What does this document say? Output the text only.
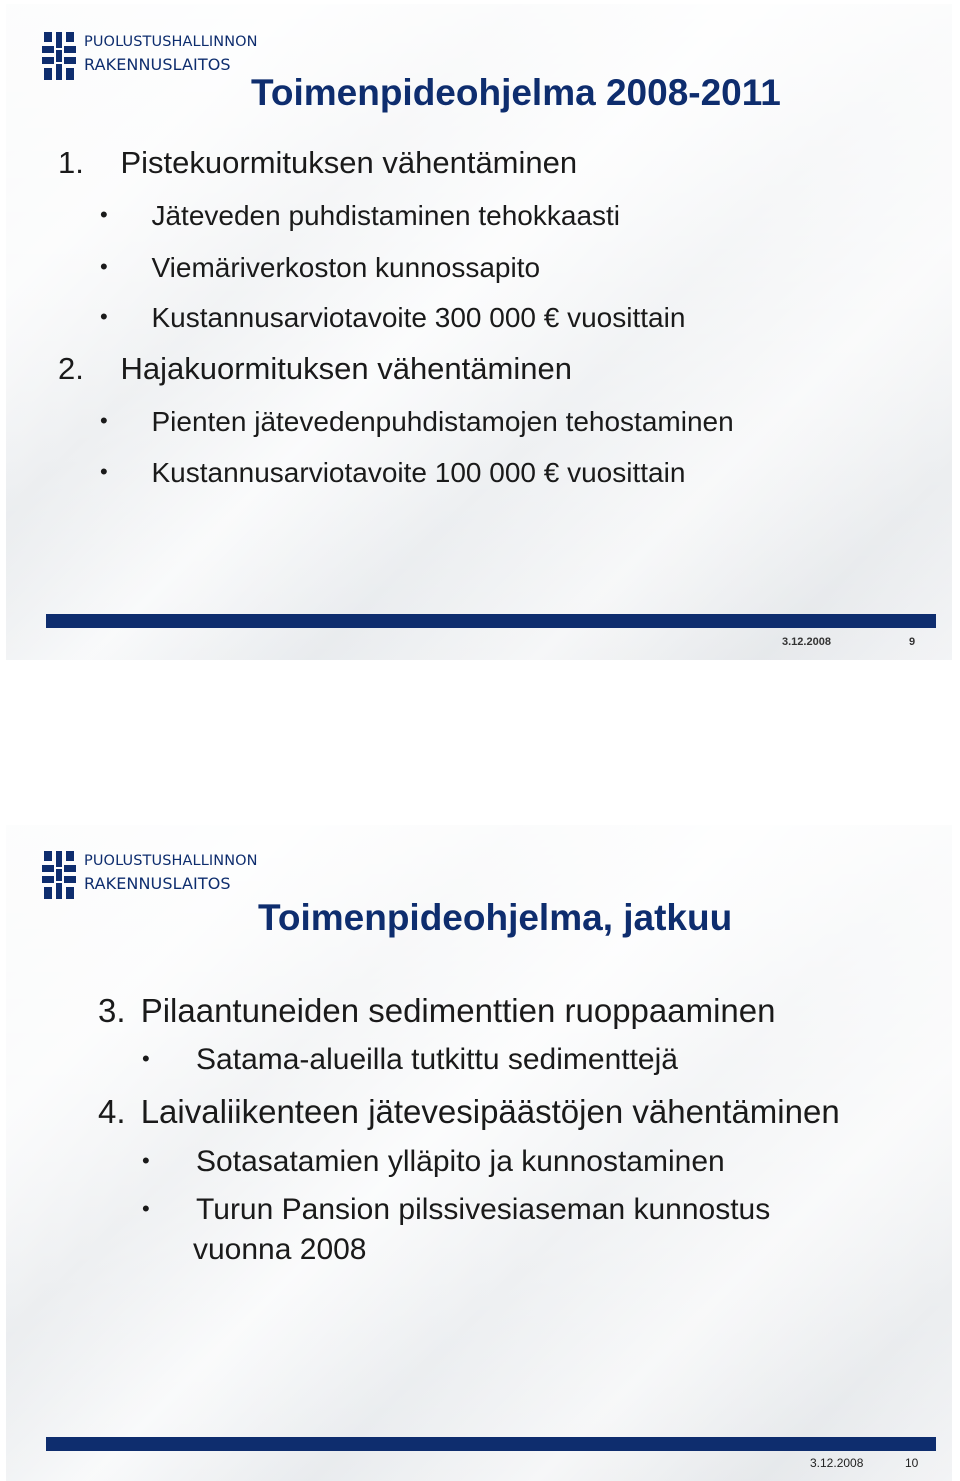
PUOLUSTUSHALLINNON
RAKENNUSLAITOS
Toimenpideohjelma 2008-2011
1. Pistekuormituksen vähentäminen
• Jäteveden puhdistaminen tehokkaasti
• Viemäriverkoston kunnossapito
• Kustannusarviotavoite 300 000 € vuosittain
2. Hajakuormituksen vähentäminen
• Pienten jätevedenpuhdistamojen tehostaminen
• Kustannusarviotavoite 100 000 € vuosittain
3.12.2008	9
PUOLUSTUSHALLINNON
RAKENNUSLAITOS
Toimenpideohjelma, jatkuu
3. Pilaantuneiden sedimenttien ruoppaaminen
• Satama-alueilla tutkittu sedimenttejä
4. Laivaliikenteen jätevesipäästöjen vähentäminen
• Sotasatamien ylläpito ja kunnostaminen
• Turun Pansion pilssivesiaseman kunnostus
vuonna 2008
3.12.2008	10
